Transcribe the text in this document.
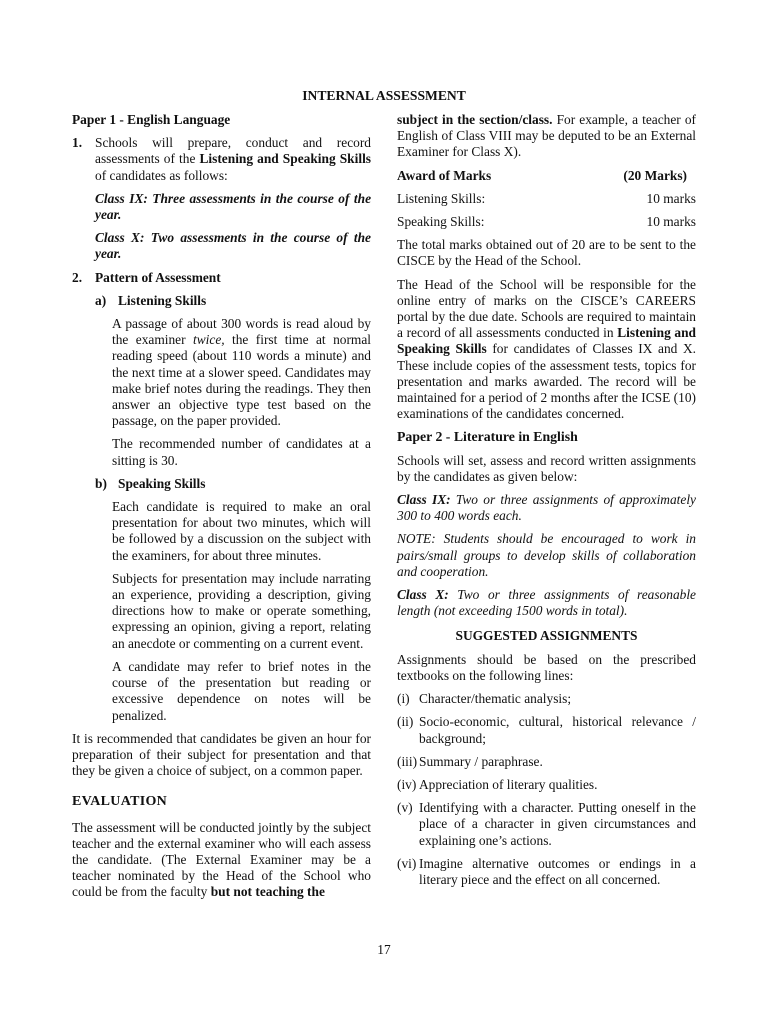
INTERNAL ASSESSMENT

Paper 1 - English Language

1. Schools will prepare, conduct and record assessments of the Listening and Speaking Skills of candidates as follows:

Class IX: Three assessments in the course of the year.

Class X: Two assessments in the course of the year.

2. Pattern of Assessment
a) Listening Skills

A passage of about 300 words is read aloud by the examiner twice, the first time at normal reading speed (about 110 words a minute) and the next time at a slower speed. Candidates may make brief notes during the readings. They then answer an objective type test based on the passage, on the paper provided.

The recommended number of candidates at a sitting is 30.

b) Speaking Skills

Each candidate is required to make an oral presentation for about two minutes, which will be followed by a discussion on the subject with the examiners, for about three minutes.

Subjects for presentation may include narrating an experience, providing a description, giving directions how to make or operate something, expressing an opinion, giving a report, relating an anecdote or commenting on a current event.

A candidate may refer to brief notes in the course of the presentation but reading or excessive dependence on notes will be penalized.

It is recommended that candidates be given an hour for preparation of their subject for presentation and that they be given a choice of subject, on a common paper.

EVALUATION

The assessment will be conducted jointly by the subject teacher and the external examiner who will each assess the candidate. (The External Examiner may be a teacher nominated by the Head of the School who could be from the faculty but not teaching the

subject in the section/class. For example, a teacher of English of Class VIII may be deputed to be an External Examiner for Class X).

Award of Marks	(20 Marks)
Listening Skills:	10 marks
Speaking Skills:	10 marks

The total marks obtained out of 20 are to be sent to the CISCE by the Head of the School.

The Head of the School will be responsible for the online entry of marks on the CISCE’s CAREERS portal by the due date. Schools are required to maintain a record of all assessments conducted in Listening and Speaking Skills for candidates of Classes IX and X. These include copies of the assessment tests, topics for presentation and marks awarded. The record will be maintained for a period of 2 months after the ICSE (10) examinations of the candidates concerned.

Paper 2 - Literature in English

Schools will set, assess and record written assignments by the candidates as given below:

Class IX: Two or three assignments of approximately 300 to 400 words each.

NOTE: Students should be encouraged to work in pairs/small groups to develop skills of collaboration and cooperation.

Class X: Two or three assignments of reasonable length (not exceeding 1500 words in total).

SUGGESTED ASSIGNMENTS

Assignments should be based on the prescribed textbooks on the following lines:

(i) Character/thematic analysis;
(ii) Socio-economic, cultural, historical relevance / background;
(iii) Summary / paraphrase.
(iv) Appreciation of literary qualities.
(v) Identifying with a character. Putting oneself in the place of a character in given circumstances and explaining one’s actions.
(vi) Imagine alternative outcomes or endings in a literary piece and the effect on all concerned.
17
